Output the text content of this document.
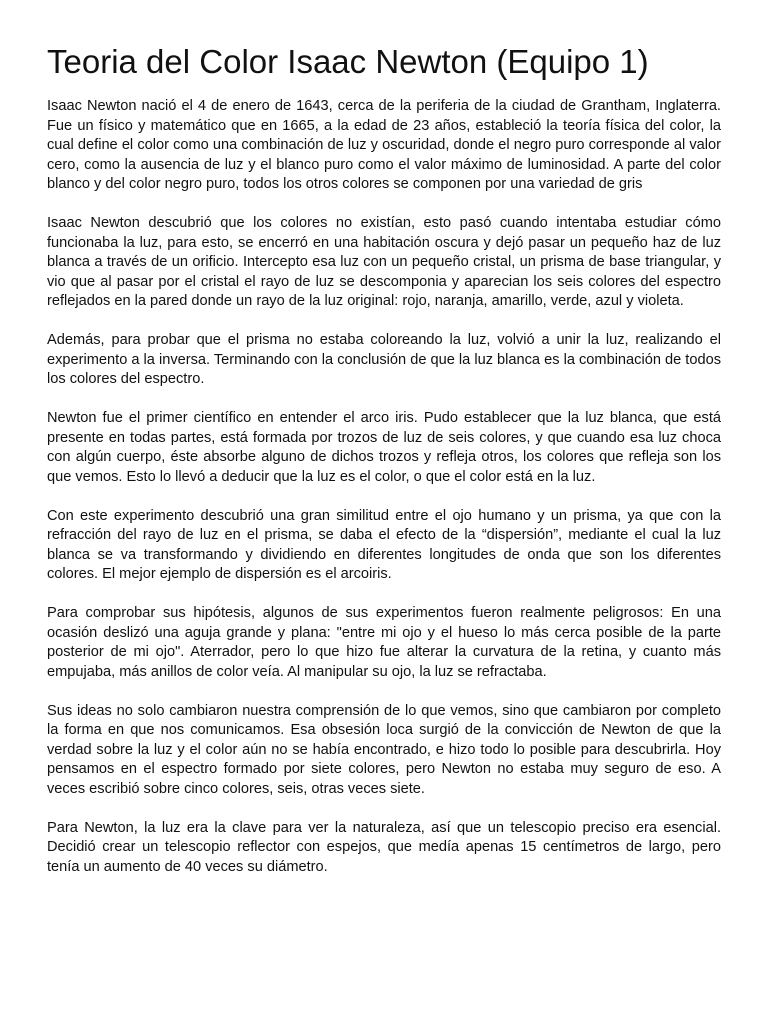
Teoria del Color Isaac Newton (Equipo 1)

Isaac Newton nació el 4 de enero de 1643, cerca de la periferia de la ciudad de Grantham, Inglaterra. Fue un físico y matemático que en 1665, a la edad de 23 años, estableció la teoría física del color, la cual define el color como una combinación de luz y oscuridad, donde el negro puro corresponde al valor cero, como la ausencia de luz y el blanco puro como el valor máximo de luminosidad. A parte del color blanco y del color negro puro, todos los otros colores se componen por una variedad de gris

Isaac Newton descubrió que los colores no existían, esto pasó cuando intentaba estudiar cómo funcionaba la luz, para esto, se encerró en una habitación oscura y dejó pasar un pequeño haz de luz blanca a través de un orificio. Intercepto esa luz con un pequeño cristal, un prisma de base triangular, y vio que al pasar por el cristal el rayo de luz se descomponia y aparecian los seis colores del espectro reflejados en la pared donde un rayo de la luz original: rojo, naranja, amarillo, verde, azul y violeta.

Además, para probar que el prisma no estaba coloreando la luz, volvió a unir la luz, realizando el experimento a la inversa. Terminando con la conclusión de que la luz blanca es la combinación de todos los colores del espectro.

Newton fue el primer científico en entender el arco iris. Pudo establecer que la luz blanca, que está presente en todas partes, está formada por trozos de luz de seis colores, y que cuando esa luz choca con algún cuerpo, éste absorbe alguno de dichos trozos y refleja otros, los colores que refleja son los que vemos. Esto lo llevó a deducir que la luz es el color, o que el color está en la luz.

Con este experimento descubrió una gran similitud entre el ojo humano y un prisma, ya que con la refracción del rayo de luz en el prisma, se daba el efecto de la “dispersión”, mediante el cual la luz blanca se va transformando y dividiendo en diferentes longitudes de onda que son los diferentes colores. El mejor ejemplo de dispersión es el arcoiris.

Para comprobar sus hipótesis, algunos de sus experimentos fueron realmente peligrosos: En una ocasión deslizó una aguja grande y plana: "entre mi ojo y el hueso lo más cerca posible de la parte posterior de mi ojo". Aterrador, pero lo que hizo fue alterar la curvatura de la retina, y cuanto más empujaba, más anillos de color veía. Al manipular su ojo, la luz se refractaba.

Sus ideas no solo cambiaron nuestra comprensión de lo que vemos, sino que cambiaron por completo la forma en que nos comunicamos. Esa obsesión loca surgió de la convicción de Newton de que la verdad sobre la luz y el color aún no se había encontrado, e hizo todo lo posible para descubrirla. Hoy pensamos en el espectro formado por siete colores, pero Newton no estaba muy seguro de eso. A veces escribió sobre cinco colores, seis, otras veces siete.

Para Newton, la luz era la clave para ver la naturaleza, así que un telescopio preciso era esencial. Decidió crear un telescopio reflector con espejos, que medía apenas 15 centímetros de largo, pero tenía un aumento de 40 veces su diámetro.
